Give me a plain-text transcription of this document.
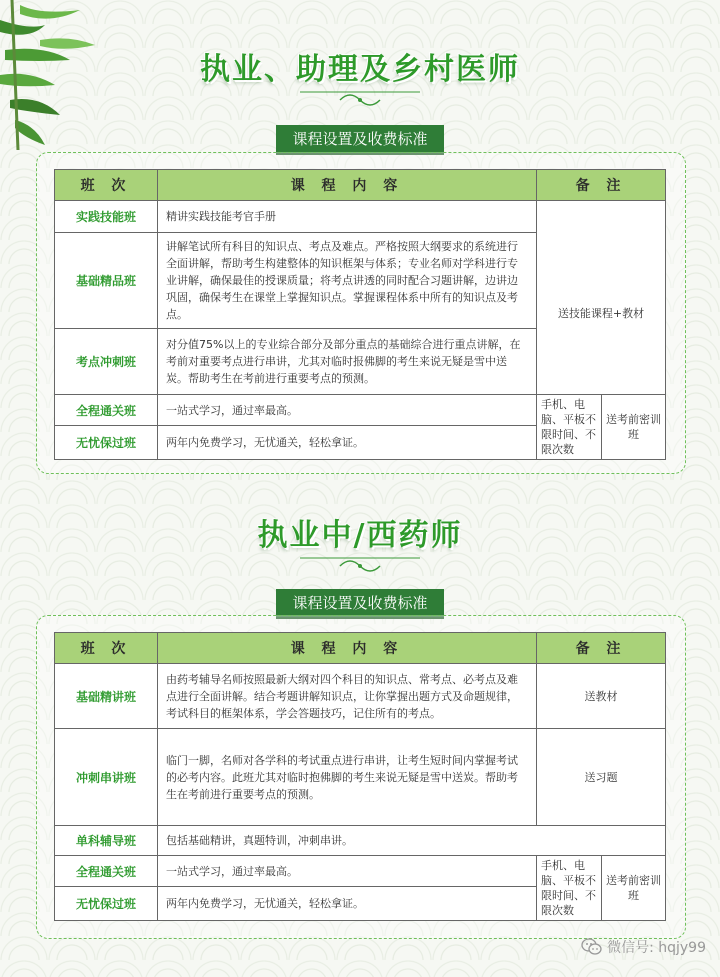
执业、助理及乡村医师
课程设置及收费标准
班 次	课 程 内 容	备 注	
实践技能班	精讲实践技能考官手册		
基础精品班	讲解笔试所有科目的知识点、考点及难点。严格按照大纲要求的系统进行全面讲解，帮助考生构建整体的知识框架与体系；专业名师对学科进行专业讲解，确保最佳的授课质量；将考点讲透的同时配合习题讲解，边讲边巩固，确保考生在课堂上掌握知识点。掌握课程体系中所有的知识点及考点。	送技能课程+教材	
考点冲刺班	对分值75%以上的专业综合部分及部分重点的基础综合进行重点讲解，在考前对重要考点进行串讲，尤其对临时报佛脚的考生来说无疑是雪中送炭。帮助考生在考前进行重要考点的预测。		
全程通关班	一站式学习，通过率最高。	手机、电脑、平板不限时间、不限次数	送考前密训班
无忧保过班	两年内免费学习，无忧通关，轻松拿证。		
执业中/西药师
课程设置及收费标准
班 次	课 程 内 容	备 注	
基础精讲班	由药考辅导名师按照最新大纲对四个科目的知识点、常考点、必考点及难点进行全面讲解。结合考题讲解知识点，让你掌握出题方式及命题规律，考试科目的框架体系，学会答题技巧，记住所有的考点。	送教材	
冲刺串讲班	临门一脚，名师对各学科的考试重点进行串讲，让考生短时间内掌握考试的必考内容。此班尤其对临时抱佛脚的考生来说无疑是雪中送炭。帮助考生在考前进行重要考点的预测。	送习题	
单科辅导班	包括基础精讲，真题特训，冲刺串讲。		
全程通关班	一站式学习，通过率最高。	手机、电脑、平板不限时间、不限次数	送考前密训班
无忧保过班	两年内免费学习，无忧通关，轻松拿证。		
微信号: hqjy99
